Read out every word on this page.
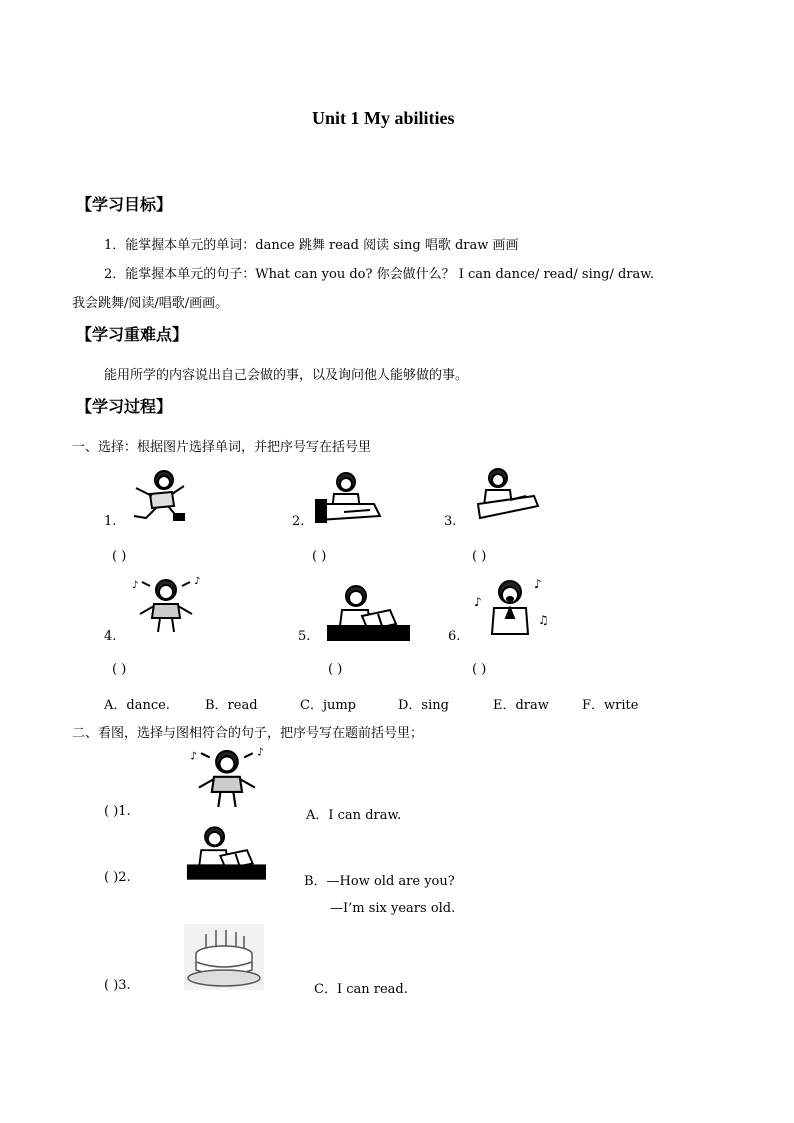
Unit 1 My abilities
【学习目标】
1．能掌握本单元的单词：dance 跳舞 read 阅读 sing 唱歌 draw 画画
2．能掌握本单元的句子：What can you do? 你会做什么？ I can dance/ read/ sing/ draw.
我会跳舞/阅读/唱歌/画画。
【学习重难点】
能用所学的内容说出自己会做的事，以及询问他人能够做的事。
【学习过程】
一、选择：根据图片选择单词，并把序号写在括号里
1.
( )
2.
( )
3.
( )
♪
♪
4.
( )
5.
( )
♪
♪
♫
6.
( )
A．dance.	B．read	C．jump	D．sing	E．draw	F．write
二、看图，选择与图相符合的句子，把序号写在题前括号里；
♪
♪
( )1.	A．I can draw.
( )2.	B．—How old are you?
—I’m six years old.
( )3.	C．I can read.
